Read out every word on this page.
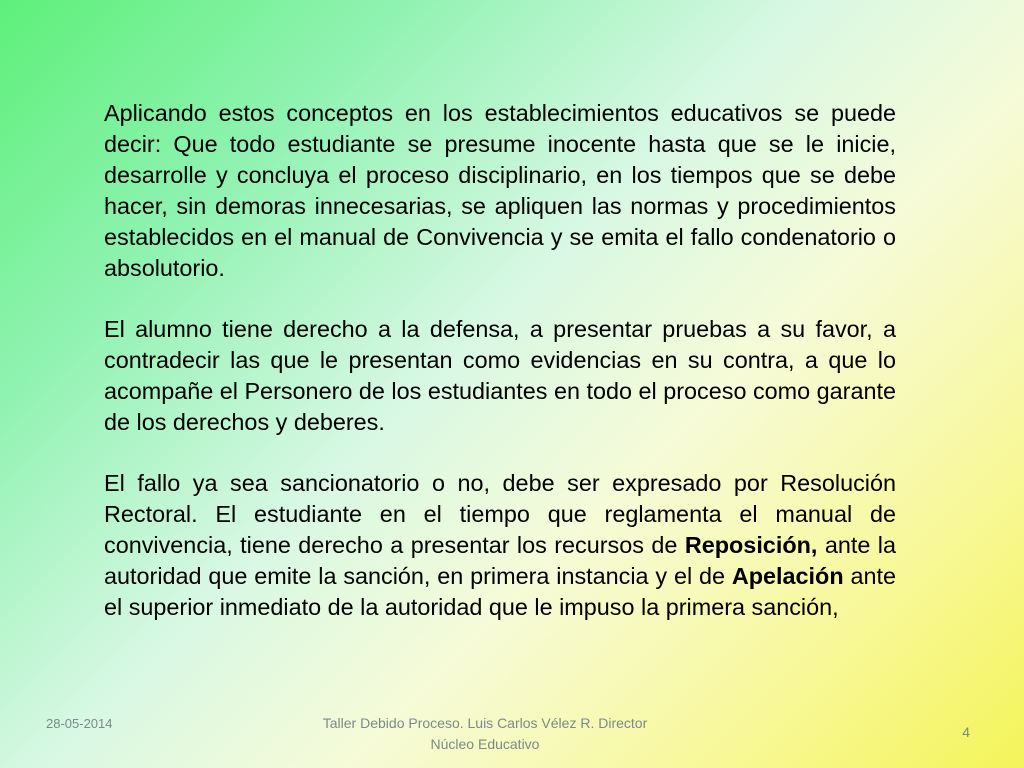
Aplicando estos conceptos en los establecimientos educativos se puede decir: Que todo estudiante se presume inocente hasta que se le inicie, desarrolle y concluya el proceso disciplinario, en los tiempos que se debe hacer, sin demoras innecesarias, se apliquen las normas y procedimientos establecidos en el manual de Convivencia y se emita el fallo condenatorio o absolutorio.

El alumno tiene derecho a la defensa, a presentar pruebas a su favor, a contradecir las que le presentan como evidencias en su contra, a que lo acompañe el Personero de los estudiantes en todo el proceso como garante de los derechos y deberes.

El fallo ya sea sancionatorio o no, debe ser expresado por Resolución Rectoral. El estudiante en el tiempo que reglamenta el manual de convivencia, tiene derecho a presentar los recursos de Reposición, ante la autoridad que emite la sanción, en primera instancia y el de Apelación ante el superior inmediato de la autoridad que le impuso la primera sanción,

28-05-2014	Taller Debido Proceso. Luis Carlos Vélez R. Director
Núcleo Educativo
4
